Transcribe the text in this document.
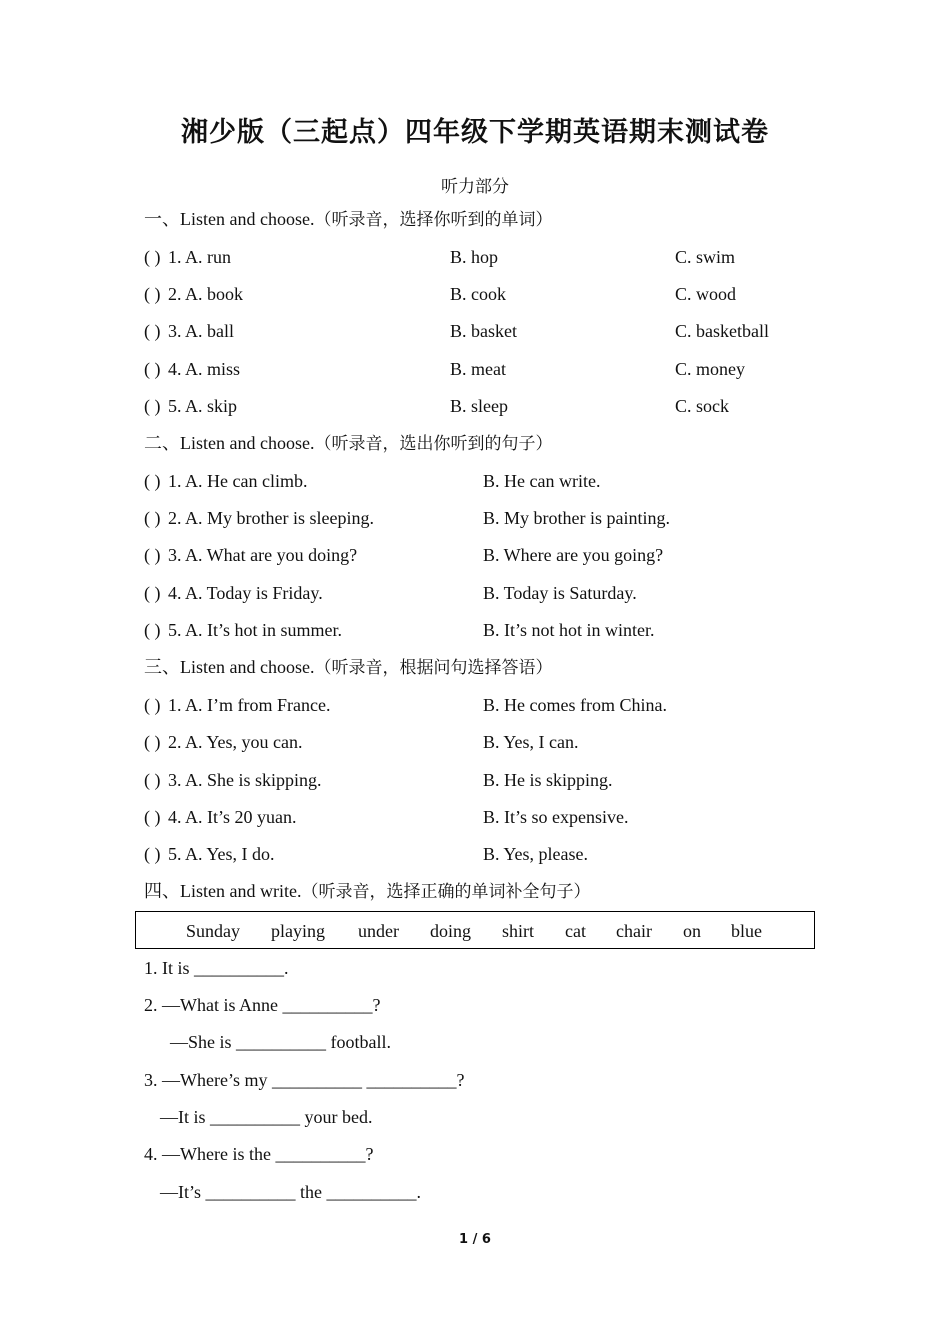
湘少版（三起点）四年级下学期英语期末测试卷
听力部分
一、Listen and choose.（听录音，选择你听到的单词）
( ) 1. A. run	B. hop	C. swim
( ) 2. A. book	B. cook	C. wood
( ) 3. A. ball	B. basket	C. basketball
( ) 4. A. miss	B. meat	C. money
( ) 5. A. skip	B. sleep	C. sock
二、Listen and choose.（听录音，选出你听到的句子）
( ) 1. A. He can climb.	B. He can write.
( ) 2. A. My brother is sleeping.	B. My brother is painting.
( ) 3. A. What are you doing?	B. Where are you going?
( ) 4. A. Today is Friday.	B. Today is Saturday.
( ) 5. A. It’s hot in summer.	B. It’s not hot in winter.
三、Listen and choose.（听录音，根据问句选择答语）
( ) 1. A. I’m from France.	B. He comes from China.
( ) 2. A. Yes, you can.	B. Yes, I can.
( ) 3. A. She is skipping.	B. He is skipping.
( ) 4. A. It’s 20 yuan.	B. It’s so expensive.
( ) 5. A. Yes, I do.	B. Yes, please.
四、Listen and write.（听录音，选择正确的单词补全句子）
Sunday playing under doing shirt cat chair on blue
1. It is __________.
2. —What is Anne __________?
—She is __________ football.
3. —Where’s my __________ __________?
—It is __________ your bed.
4. —Where is the __________?
—It’s __________ the __________.
1 / 6
